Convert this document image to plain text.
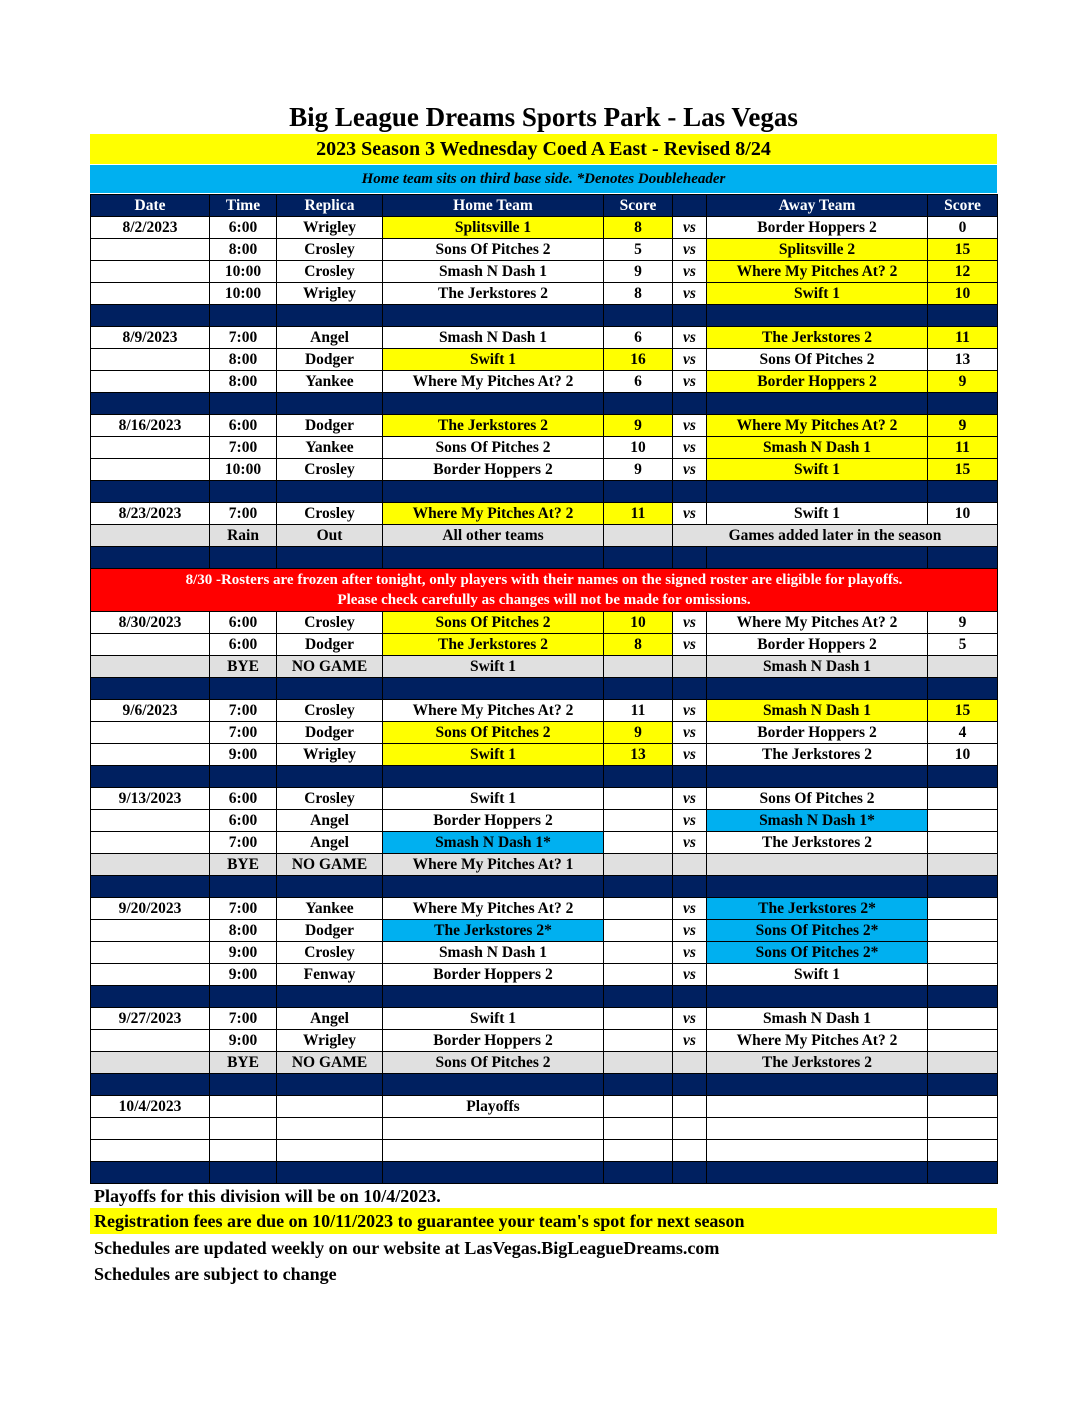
Big League Dreams Sports Park - Las Vegas
2023 Season 3 Wednesday Coed A East - Revised 8/24
Home team sits on third base side. *Denotes Doubleheader
Date	Time	Replica	Home Team	Score		Away Team	Score
8/2/2023	6:00	Wrigley	Splitsville 1	8	vs	Border Hoppers 2	0
	8:00	Crosley	Sons Of Pitches 2	5	vs	Splitsville 2	15
	10:00	Crosley	Smash N Dash 1	9	vs	Where My Pitches At? 2	12
	10:00	Wrigley	The Jerkstores 2	8	vs	Swift 1	10

8/9/2023	7:00	Angel	Smash N Dash 1	6	vs	The Jerkstores 2	11
	8:00	Dodger	Swift 1	16	vs	Sons Of Pitches 2	13
	8:00	Yankee	Where My Pitches At? 2	6	vs	Border Hoppers 2	9

8/16/2023	6:00	Dodger	The Jerkstores 2	9	vs	Where My Pitches At? 2	9
	7:00	Yankee	Sons Of Pitches 2	10	vs	Smash N Dash 1	11
	10:00	Crosley	Border Hoppers 2	9	vs	Swift 1	15

8/23/2023	7:00	Crosley	Where My Pitches At? 2	11	vs	Swift 1	10
	Rain	Out	All other teams		Games added later in the season		

8/30 -Rosters are frozen after tonight, only players with their names on the signed roster are eligible for playoffs.
Please check carefully as changes will not be made for omissions.							

8/30/2023	6:00	Crosley	Sons Of Pitches 2	10	vs	Where My Pitches At? 2	9
	6:00	Dodger	The Jerkstores 2	8	vs	Border Hoppers 2	5
	BYE	NO GAME	Swift 1			Smash N Dash 1	

9/6/2023	7:00	Crosley	Where My Pitches At? 2	11	vs	Smash N Dash 1	15
	7:00	Dodger	Sons Of Pitches 2	9	vs	Border Hoppers 2	4
	9:00	Wrigley	Swift 1	13	vs	The Jerkstores 2	10

9/13/2023	6:00	Crosley	Swift 1		vs	Sons Of Pitches 2	
	6:00	Angel	Border Hoppers 2		vs	Smash N Dash 1*	
	7:00	Angel	Smash N Dash 1*		vs	The Jerkstores 2	
	BYE	NO GAME	Where My Pitches At? 1				

9/20/2023	7:00	Yankee	Where My Pitches At? 2		vs	The Jerkstores 2*	
	8:00	Dodger	The Jerkstores 2*		vs	Sons Of Pitches 2*	
	9:00	Crosley	Smash N Dash 1		vs	Sons Of Pitches 2*	
	9:00	Fenway	Border Hoppers 2		vs	Swift 1	

9/27/2023	7:00	Angel	Swift 1		vs	Smash N Dash 1	
	9:00	Wrigley	Border Hoppers 2		vs	Where My Pitches At? 2	
	BYE	NO GAME	Sons Of Pitches 2			The Jerkstores 2	

10/4/2023			Playoffs				

Playoffs for this division will be on 10/4/2023.
Registration fees are due on 10/11/2023 to guarantee your team's spot for next season
Schedules are updated weekly on our website at LasVegas.BigLeagueDreams.com
Schedules are subject to change
